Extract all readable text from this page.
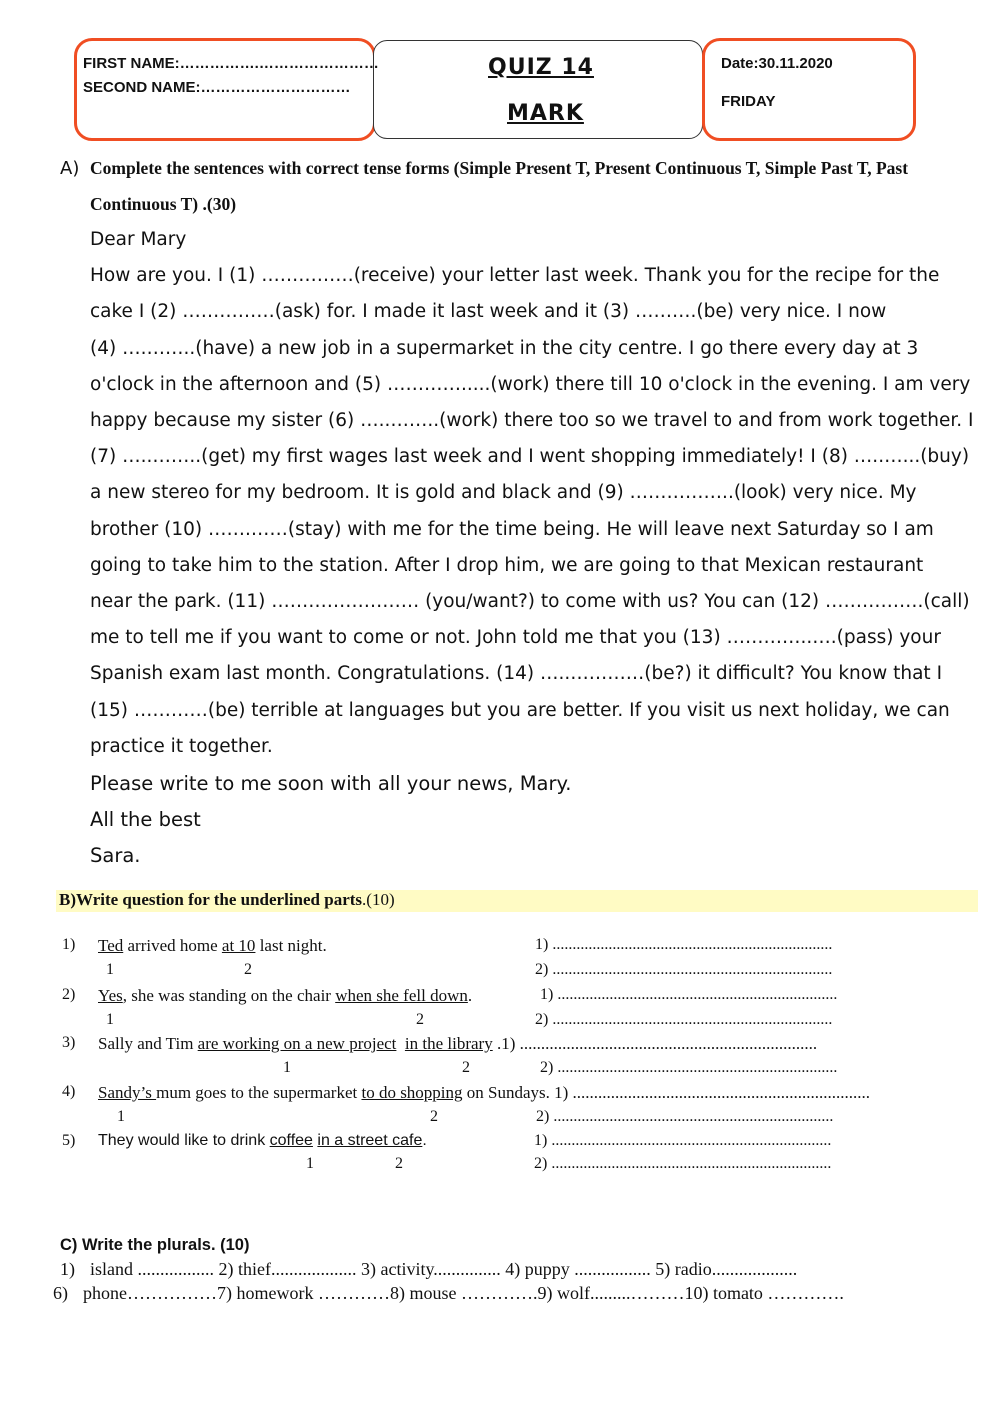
FIRST NAME:…………….……………………
SECOND NAME:…………………………
QUIZ 14
MARK
Date:30.11.2020
FRIDAY
A) Complete the sentences with correct tense forms (Simple Present T, Present Continuous T, Simple Past T, Past
Continuous T) .(30)
Dear Mary
How are you. I (1) ……………(receive) your letter last week. Thank you for the recipe for the
cake I (2) ……………(ask) for. I made it last week and it (3) ……….(be) very nice. I now
(4) ….……..(have) a new job in a supermarket in the city centre. I go there every day at 3
o'clock in the afternoon and (5) ………….....(work) there till 10 o'clock in the evening. I am very
happy because my sister (6) …..……..(work) there too so we travel to and from work together. I
(7) …..……..(get) my first wages last week and I went shopping immediately! I (8) …..…...(buy)
a new stereo for my bedroom. It is gold and black and (9) ……………..(look) very nice. My
brother (10) …….……(stay) with me for the time being. He will leave next Saturday so I am
going to take him to the station. After I drop him, we are going to that Mexican restaurant
near the park. (11) …………………… (you/want?) to come with us? You can (12) …………….(call)
me to tell me if you want to come or not. John told me that you (13) …………..….(pass) your
Spanish exam last month. Congratulations. (14) …..…………(be?) it difficult? You know that I
(15) …………(be) terrible at languages but you are better. If you visit us next holiday, we can
practice it together.
Please write to me soon with all your news, Mary.
All the best
Sara.
B)Write question for the underlined parts.(10)
1) Ted arrived home at 10 last night.	1) ......................................................................
1	2	2) ......................................................................
2) Yes, she was standing on the chair when she fell down.	1) ......................................................................
1	2	2) ......................................................................
3) Sally and Tim are working on a new project in the library .1) ......................................................................
1	2	2) ......................................................................
4) Sandy’s mum goes to the supermarket to do shopping on Sundays. 1) ......................................................................
1	2	2) ......................................................................
5) They would like to drink coffee in a street cafe.	1) ......................................................................
1	2	2) ......................................................................
C) Write the plurals. (10)
1) island ................. 2) thief................... 3) activity............... 4) puppy ................. 5) radio...................
6) phone……………7) homework …………8) mouse ………….9) wolf.........………10) tomato ………….
